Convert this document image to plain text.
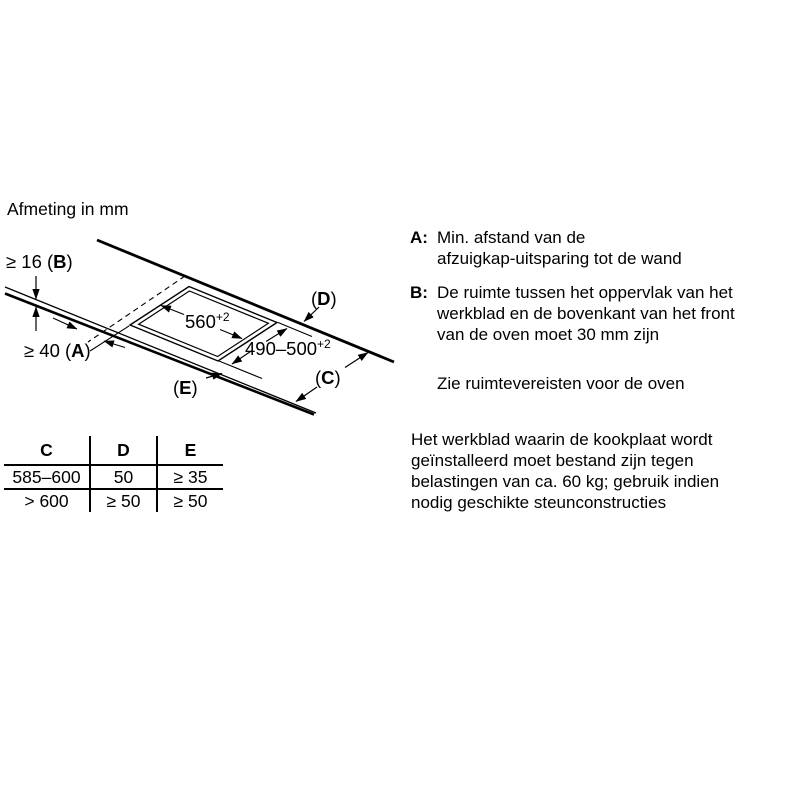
Afmeting in mm
≥ 16 (B)
≥ 40 (A)
(D)
(C)
(E)
$560^{+2}$
$490-500^{+2}$
C	D	E
585–600	50	≥ 35
> 600	≥ 50	≥ 50
A: Min. afstand van de
afzuigkap-uitsparing tot de wand
B: De ruimte tussen het oppervlak van het
werkblad en de bovenkant van het front
van de oven moet 30 mm zijn
Zie ruimtevereisten voor de oven
Het werkblad waarin de kookplaat wordt
geïnstalleerd moet bestand zijn tegen
belastingen van ca. 60 kg; gebruik indien
nodig geschikte steunconstructies
